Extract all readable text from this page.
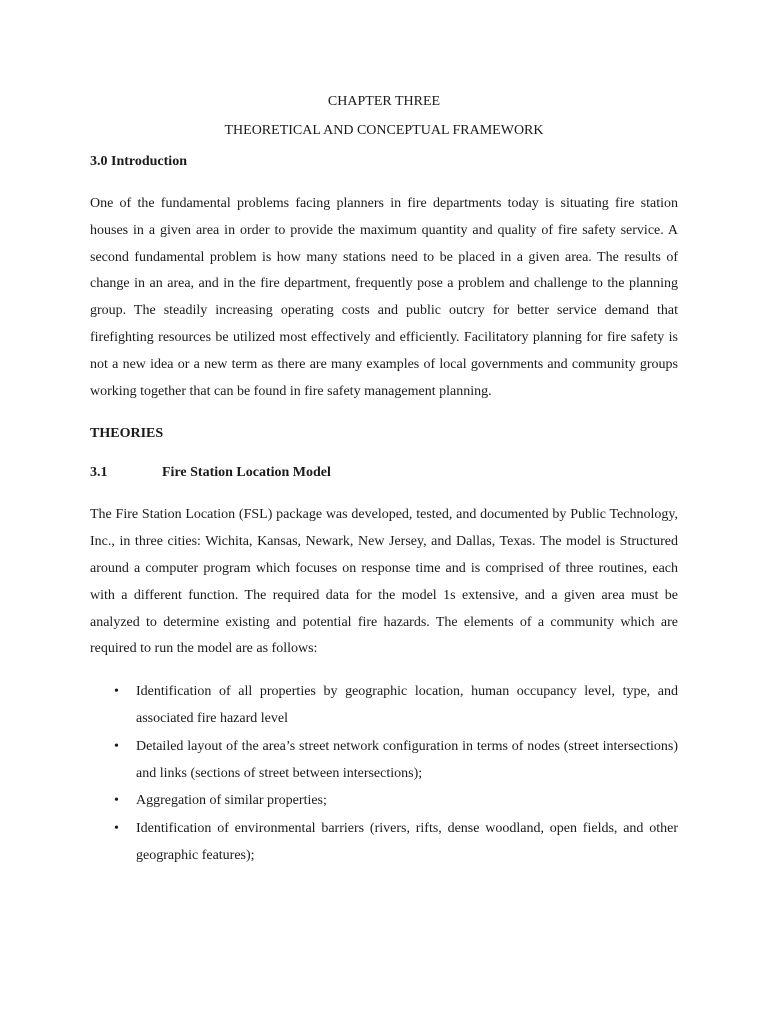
CHAPTER THREE

THEORETICAL AND CONCEPTUAL FRAMEWORK

3.0 Introduction

One of the fundamental problems facing planners in fire departments today is situating fire station houses in a given area in order to provide the maximum quantity and quality of fire safety service. A second fundamental problem is how many stations need to be placed in a given area. The results of change in an area, and in the fire department, frequently pose a problem and challenge to the planning group. The steadily increasing operating costs and public outcry for better service demand that firefighting resources be utilized most effectively and efficiently. Facilitatory planning for fire safety is not a new idea or a new term as there are many examples of local governments and community groups working together that can be found in fire safety management planning.

THEORIES

3.1	Fire Station Location Model

The Fire Station Location (FSL) package was developed, tested, and documented by Public Technology, Inc., in three cities: Wichita, Kansas, Newark, New Jersey, and Dallas, Texas. The model is Structured around a computer program which focuses on response time and is comprised of three routines, each with a different function. The required data for the model 1s extensive, and a given area must be analyzed to determine existing and potential fire hazards. The elements of a community which are required to run the model are as follows:

• Identification of all properties by geographic location, human occupancy level, type, and associated fire hazard level
• Detailed layout of the area’s street network configuration in terms of nodes (street intersections) and links (sections of street between intersections);
• Aggregation of similar properties;
• Identification of environmental barriers (rivers, rifts, dense woodland, open fields, and other geographic features);
